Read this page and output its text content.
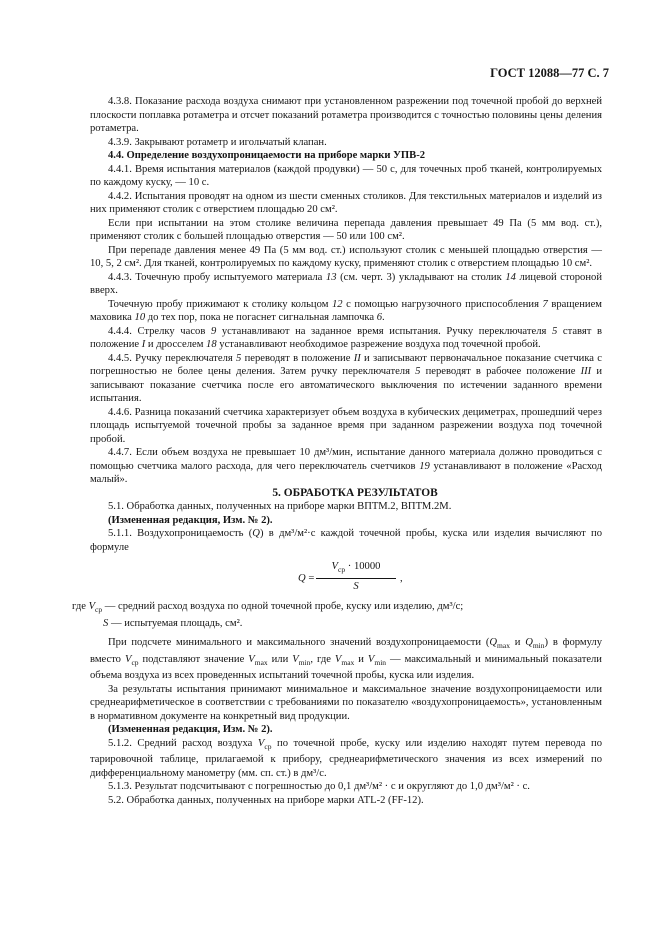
ГОСТ 12088—77 С. 7

4.3.8. Показание расхода воздуха снимают при установленном разрежении под точечной пробой до верхней плоскости поплавка ротаметра и отсчет показаний ротаметра производится с точностью половины цены деления ротаметра.

4.3.9. Закрывают ротаметр и игольчатый клапан.

4.4. Определение воздухопроницаемости на приборе марки УПВ-2

4.4.1. Время испытания материалов (каждой продувки) — 50 с, для точечных проб тканей, контролируемых по каждому куску, — 10 с.

4.4.2. Испытания проводят на одном из шести сменных столиков. Для текстильных материалов и изделий из них применяют столик с отверстием площадью 20 см².

Если при испытании на этом столике величина перепада давления превышает 49 Па (5 мм вод. ст.), применяют столик с большей площадью отверстия — 50 или 100 см².

При перепаде давления менее 49 Па (5 мм вод. ст.) используют столик с меньшей площадью отверстия — 10, 5, 2 см². Для тканей, контролируемых по каждому куску, применяют столик с отверстием площадью 10 см².

4.4.3. Точечную пробу испытуемого материала 13 (см. черт. 3) укладывают на столик 14 лицевой стороной вверх.

Точечную пробу прижимают к столику кольцом 12 с помощью нагрузочного приспособления 7 вращением маховика 10 до тех пор, пока не погаснет сигнальная лампочка 6.

4.4.4. Стрелку часов 9 устанавливают на заданное время испытания. Ручку переключателя 5 ставят в положение I и дросселем 18 устанавливают необходимое разрежение воздуха под точечной пробой.

4.4.5. Ручку переключателя 5 переводят в положение II и записывают первоначальное показание счетчика с погрешностью не более цены деления. Затем ручку переключателя 5 переводят в рабочее положение III и записывают показание счетчика после его автоматического выключения по истечении заданного времени испытания.

4.4.6. Разница показаний счетчика характеризует объем воздуха в кубических дециметрах, прошедший через площадь испытуемой точечной пробы за заданное время при заданном разрежении воздуха под точечной пробой.

4.4.7. Если объем воздуха не превышает 10 дм³/мин, испытание данного материала должно проводиться с помощью счетчика малого расхода, для чего переключатель счетчиков 19 устанавливают в положение «Расход малый».

5. ОБРАБОТКА РЕЗУЛЬТАТОВ

5.1. Обработка данных, полученных на приборе марки ВПТМ.2, ВПТМ.2М.

(Измененная редакция, Изм. № 2).

5.1.1. Воздухопроницаемость (Q) в дм³/м²·с каждой точечной пробы, куска или изделия вычисляют по формуле

Q =
$V_{ср} \cdot 10000$
S
,

где $V_{ср}$ — средний расход воздуха по одной точечной пробе, куску или изделию, дм³/с;

S — испытуемая площадь, см².

При подсчете минимального и максимального значений воздухопроницаемости ($Q_{max}$ и $Q_{min}$) в формулу вместо $V_{ср}$ подставляют значение $V_{max}$ или $V_{min}$, где $V_{max}$ и $V_{min}$ — максимальный и минимальный показатели объема воздуха из всех проведенных испытаний точечной пробы, куска или изделия.

За результаты испытания принимают минимальное и максимальное значение воздухопроницаемости или среднеарифметическое в соответствии с требованиями по показателю «воздухопроницаемость», установленным в нормативном документе на конкретный вид продукции.

(Измененная редакция, Изм. № 2).

5.1.2. Средний расход воздуха $V_{ср}$ по точечной пробе, куску или изделию находят путем перевода по тарировочной таблице, прилагаемой к прибору, среднеарифметического значения из всех измерений по дифференциальному манометру (мм. сп. ст.) в дм³/с.

5.1.3. Результат подсчитывают с погрешностью до 0,1 дм³/м² · с и округляют до 1,0 дм³/м² · с.

5.2. Обработка данных, полученных на приборе марки ATL-2 (FF-12).
